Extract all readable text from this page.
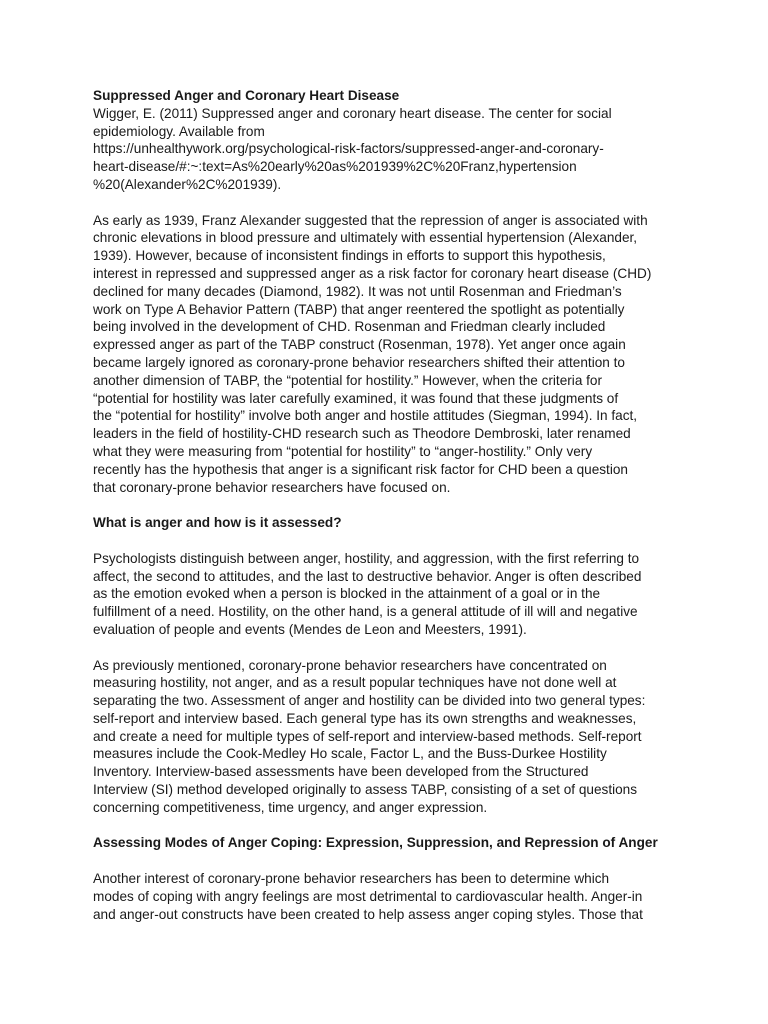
Suppressed Anger and Coronary Heart Disease

Wigger, E. (2011) Suppressed anger and coronary heart disease. The center for social
epidemiology. Available from
https://unhealthywork.org/psychological-risk-factors/suppressed-anger-and-coronary-
heart-disease/#:~:text=As%20early%20as%201939%2C%20Franz,hypertension
%20(Alexander%2C%201939).

As early as 1939, Franz Alexander suggested that the repression of anger is associated with
chronic elevations in blood pressure and ultimately with essential hypertension (Alexander,
1939). However, because of inconsistent findings in efforts to support this hypothesis,
interest in repressed and suppressed anger as a risk factor for coronary heart disease (CHD)
declined for many decades (Diamond, 1982). It was not until Rosenman and Friedman’s
work on Type A Behavior Pattern (TABP) that anger reentered the spotlight as potentially
being involved in the development of CHD. Rosenman and Friedman clearly included
expressed anger as part of the TABP construct (Rosenman, 1978). Yet anger once again
became largely ignored as coronary-prone behavior researchers shifted their attention to
another dimension of TABP, the “potential for hostility.” However, when the criteria for
“potential for hostility was later carefully examined, it was found that these judgments of
the “potential for hostility” involve both anger and hostile attitudes (Siegman, 1994). In fact,
leaders in the field of hostility-CHD research such as Theodore Dembroski, later renamed
what they were measuring from “potential for hostility” to “anger-hostility.” Only very
recently has the hypothesis that anger is a significant risk factor for CHD been a question
that coronary-prone behavior researchers have focused on.

What is anger and how is it assessed?

Psychologists distinguish between anger, hostility, and aggression, with the first referring to
affect, the second to attitudes, and the last to destructive behavior. Anger is often described
as the emotion evoked when a person is blocked in the attainment of a goal or in the
fulfillment of a need. Hostility, on the other hand, is a general attitude of ill will and negative
evaluation of people and events (Mendes de Leon and Meesters, 1991).

As previously mentioned, coronary-prone behavior researchers have concentrated on
measuring hostility, not anger, and as a result popular techniques have not done well at
separating the two. Assessment of anger and hostility can be divided into two general types:
self-report and interview based. Each general type has its own strengths and weaknesses,
and create a need for multiple types of self-report and interview-based methods. Self-report
measures include the Cook-Medley Ho scale, Factor L, and the Buss-Durkee Hostility
Inventory. Interview-based assessments have been developed from the Structured
Interview (SI) method developed originally to assess TABP, consisting of a set of questions
concerning competitiveness, time urgency, and anger expression.

Assessing Modes of Anger Coping: Expression, Suppression, and Repression of Anger

Another interest of coronary-prone behavior researchers has been to determine which
modes of coping with angry feelings are most detrimental to cardiovascular health. Anger-in
and anger-out constructs have been created to help assess anger coping styles. Those that
